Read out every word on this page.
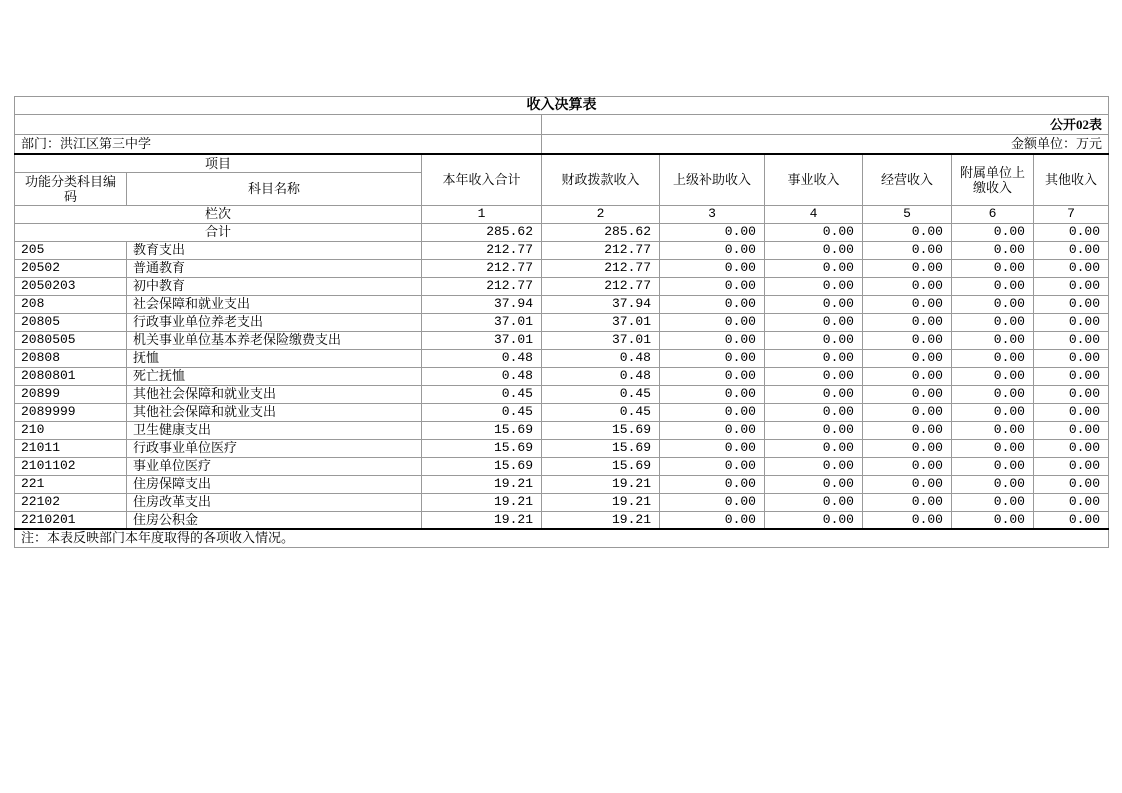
收入决算表								
			公开02表					
部门：洪江区第三中学			金额单位：万元					
项目		本年收入合计	财政拨款收入	上级补助收入	事业收入	经营收入	附属单位上缴收入	其他收入
功能分类科目编码	科目名称							
栏次		1	2	3	4	5	6	7
合计		285.62	285.62	0.00	0.00	0.00	0.00	0.00
205	教育支出	212.77	212.77	0.00	0.00	0.00	0.00	0.00
20502	普通教育	212.77	212.77	0.00	0.00	0.00	0.00	0.00
2050203	初中教育	212.77	212.77	0.00	0.00	0.00	0.00	0.00
208	社会保障和就业支出	37.94	37.94	0.00	0.00	0.00	0.00	0.00
20805	行政事业单位养老支出	37.01	37.01	0.00	0.00	0.00	0.00	0.00
2080505	机关事业单位基本养老保险缴费支出	37.01	37.01	0.00	0.00	0.00	0.00	0.00
20808	抚恤	0.48	0.48	0.00	0.00	0.00	0.00	0.00
2080801	死亡抚恤	0.48	0.48	0.00	0.00	0.00	0.00	0.00
20899	其他社会保障和就业支出	0.45	0.45	0.00	0.00	0.00	0.00	0.00
2089999	其他社会保障和就业支出	0.45	0.45	0.00	0.00	0.00	0.00	0.00
210	卫生健康支出	15.69	15.69	0.00	0.00	0.00	0.00	0.00
21011	行政事业单位医疗	15.69	15.69	0.00	0.00	0.00	0.00	0.00
2101102	事业单位医疗	15.69	15.69	0.00	0.00	0.00	0.00	0.00
221	住房保障支出	19.21	19.21	0.00	0.00	0.00	0.00	0.00
22102	住房改革支出	19.21	19.21	0.00	0.00	0.00	0.00	0.00
2210201	住房公积金	19.21	19.21	0.00	0.00	0.00	0.00	0.00
注：本表反映部门本年度取得的各项收入情况。								
